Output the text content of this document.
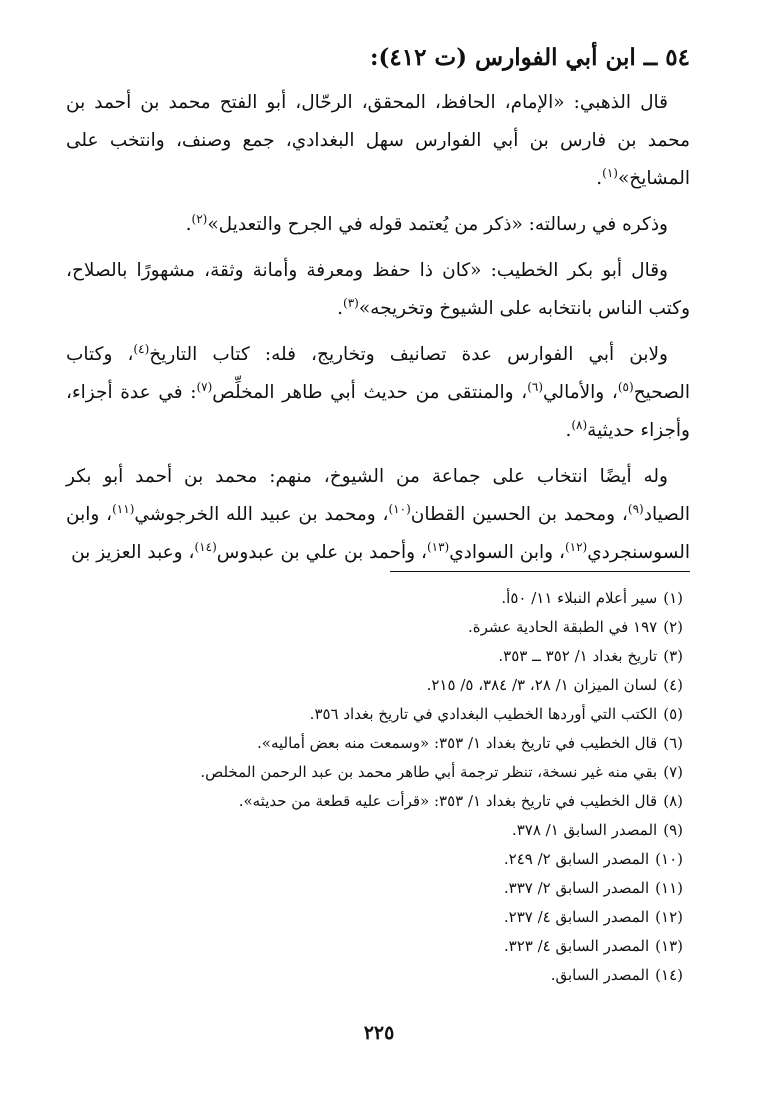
٥٤ ــ ابن أبي الفوارس (ت ٤١٢):

قال الذهبي: «الإمام، الحافظ، المحقق، الرحّال، أبو الفتح محمد بن أحمد بن محمد بن فارس بن أبي الفوارس سهل البغدادي، جمع وصنف، وانتخب على المشايخ»$^{(١)}$.

وذكره في رسالته: «ذكر من يُعتمد قوله في الجرح والتعديل»$^{(٢)}$.

وقال أبو بكر الخطيب: «كان ذا حفظ ومعرفة وأمانة وثقة، مشهورًا بالصلاح، وكتب الناس بانتخابه على الشيوخ وتخريجه»$^{(٣)}$.

ولابن أبي الفوارس عدة تصانيف وتخاريج، فله: كتاب التاريخ$^{(٤)}$، وكتاب الصحيح$^{(٥)}$، والأمالي$^{(٦)}$، والمنتقى من حديث أبي طاهر المخلِّص$^{(٧)}$: في عدة أجزاء، وأجزاء حديثية$^{(٨)}$.

وله أيضًا انتخاب على جماعة من الشيوخ، منهم: محمد بن أحمد أبو بكر الصياد$^{(٩)}$، ومحمد بن الحسين القطان$^{(١٠)}$، ومحمد بن عبيد الله الخرجوشي$^{(١١)}$، وابن السوسنجردي$^{(١٢)}$، وابن السوادي$^{(١٣)}$، وأحمد بن علي بن عبدوس$^{(١٤)}$، وعبد العزيز بن

(١)سير أعلام النبلاء ١١/ ٥٠أ.
(٢)١٩٧ في الطبقة الحادية عشرة.
(٣)تاريخ بغداد ١/ ٣٥٢ ــ ٣٥٣.
(٤)لسان الميزان ١/ ٢٨، ٣/ ٣٨٤، ٥/ ٢١٥.
(٥)الكتب التي أوردها الخطيب البغدادي في تاريخ بغداد ٣٥٦.
(٦)قال الخطيب في تاريخ بغداد ١/ ٣٥٣: «وسمعت منه بعض أماليه».
(٧)بقي منه غير نسخة، تنظر ترجمة أبي طاهر محمد بن عبد الرحمن المخلص.
(٨)قال الخطيب في تاريخ بغداد ١/ ٣٥٣: «قرأت عليه قطعة من حديثه».
(٩)المصدر السابق ١/ ٣٧٨.
(١٠)المصدر السابق ٢/ ٢٤٩.
(١١)المصدر السابق ٢/ ٣٣٧.
(١٢)المصدر السابق ٤/ ٢٣٧.
(١٣)المصدر السابق ٤/ ٣٢٣.
(١٤)المصدر السابق.
٢٢٥
